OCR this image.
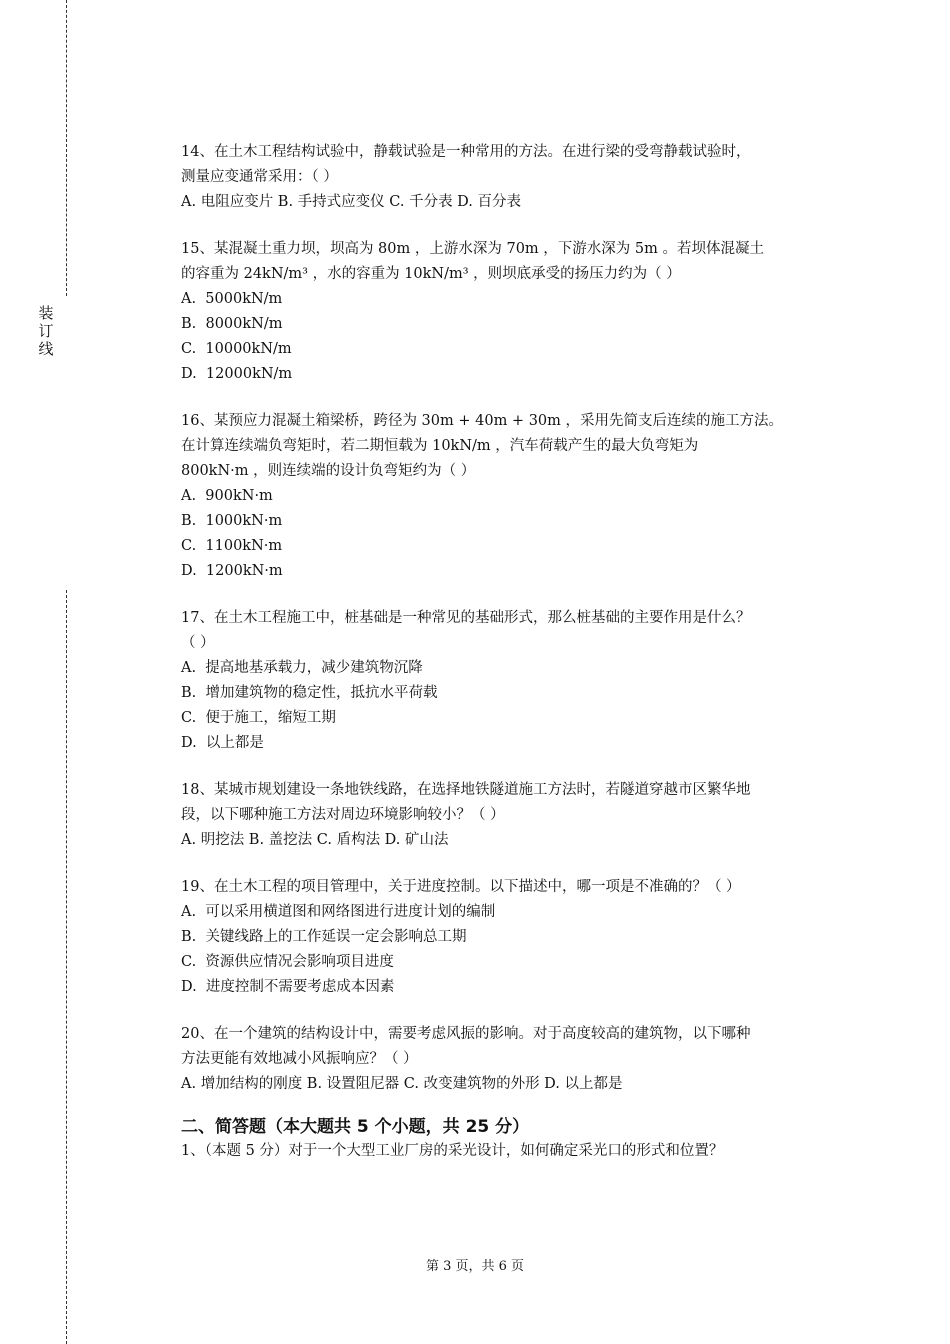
装
订
线
14、在土木工程结构试验中，静载试验是一种常用的方法。在进行梁的受弯静载试验时，
测量应变通常采用：（ ）
A. 电阻应变片 B. 手持式应变仪 C. 千分表 D. 百分表
15、某混凝土重力坝，坝高为 80m ，上游水深为 70m ，下游水深为 5m 。若坝体混凝土
的容重为 24kN/m³ ，水的容重为 10kN/m³ ，则坝底承受的扬压力约为（ ）
A.  5000kN/m
B.  8000kN/m
C.  10000kN/m
D.  12000kN/m
16、某预应力混凝土箱梁桥，跨径为 30m + 40m + 30m ，采用先简支后连续的施工方法。
在计算连续端负弯矩时，若二期恒载为 10kN/m ，汽车荷载产生的最大负弯矩为
800kN·m ，则连续端的设计负弯矩约为（ ）
A.  900kN·m
B.  1000kN·m
C.  1100kN·m
D.  1200kN·m
17、在土木工程施工中，桩基础是一种常见的基础形式，那么桩基础的主要作用是什么？
（ ）
A.  提高地基承载力，减少建筑物沉降
B.  增加建筑物的稳定性，抵抗水平荷载
C.  便于施工，缩短工期
D.  以上都是
18、某城市规划建设一条地铁线路，在选择地铁隧道施工方法时，若隧道穿越市区繁华地
段，以下哪种施工方法对周边环境影响较小？（ ）
A. 明挖法 B. 盖挖法 C. 盾构法 D. 矿山法
19、在土木工程的项目管理中，关于进度控制。以下描述中，哪一项是不准确的？（ ）
A.  可以采用横道图和网络图进行进度计划的编制
B.  关键线路上的工作延误一定会影响总工期
C.  资源供应情况会影响项目进度
D.  进度控制不需要考虑成本因素
20、在一个建筑的结构设计中，需要考虑风振的影响。对于高度较高的建筑物，以下哪种
方法更能有效地减小风振响应？（ ）
A. 增加结构的刚度 B. 设置阻尼器 C. 改变建筑物的外形 D. 以上都是
二、简答题（本大题共 5 个小题，共 25 分）
1、（本题 5 分）对于一个大型工业厂房的采光设计，如何确定采光口的形式和位置？
第 3 页，共 6 页
